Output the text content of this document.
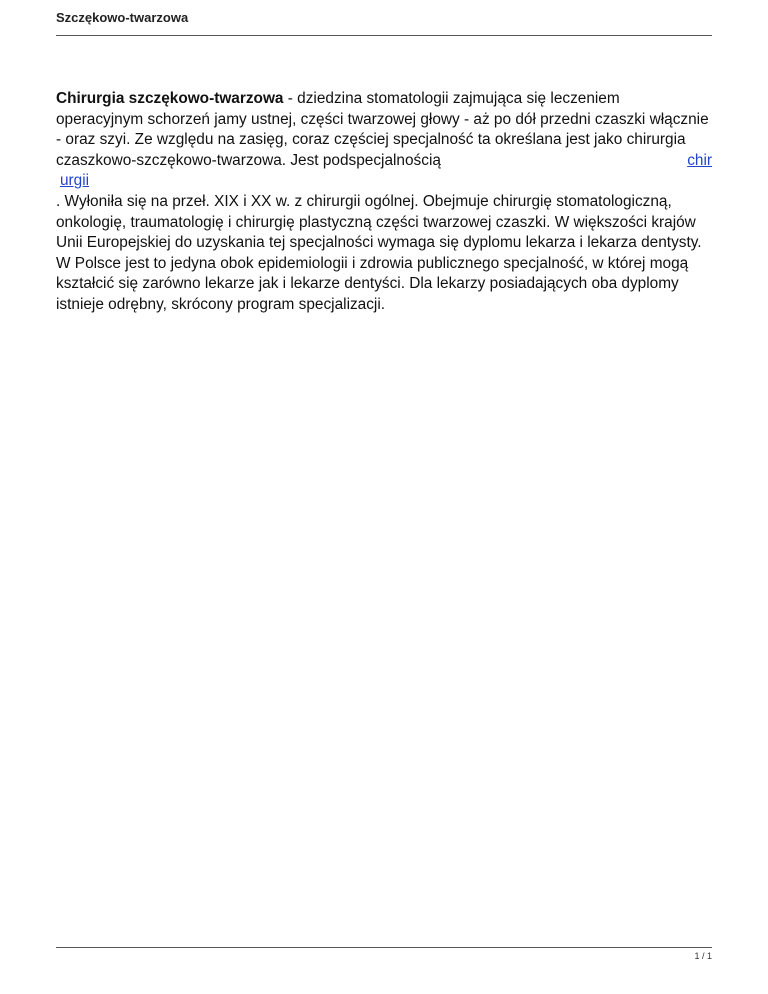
Szczękowo-twarzowa

Chirurgia szczękowo-twarzowa - dziedzina stomatologii zajmująca się leczeniem
operacyjnym schorzeń jamy ustnej, części twarzowej głowy - aż po dół przedni czaszki włącznie
- oraz szyi. Ze względu na zasięg, coraz częściej specjalność ta określana jest jako chirurgia
czaszkowo-szczękowo-twarzowa. Jest podspecjalnością	chir

urgii
. Wyłoniła się na przeł. XIX i XX w. z chirurgii ogólnej. Obejmuje chirurgię stomatologiczną,
onkologię, traumatologię i chirurgię plastyczną części twarzowej czaszki. W większości krajów
Unii Europejskiej do uzyskania tej specjalności wymaga się dyplomu lekarza i lekarza dentysty.
W Polsce jest to jedyna obok epidemiologii i zdrowia publicznego specjalność, w której mogą
kształcić się zarówno lekarze jak i lekarze dentyści. Dla lekarzy posiadających oba dyplomy
istnieje odrębny, skrócony program specjalizacji.

1 / 1
